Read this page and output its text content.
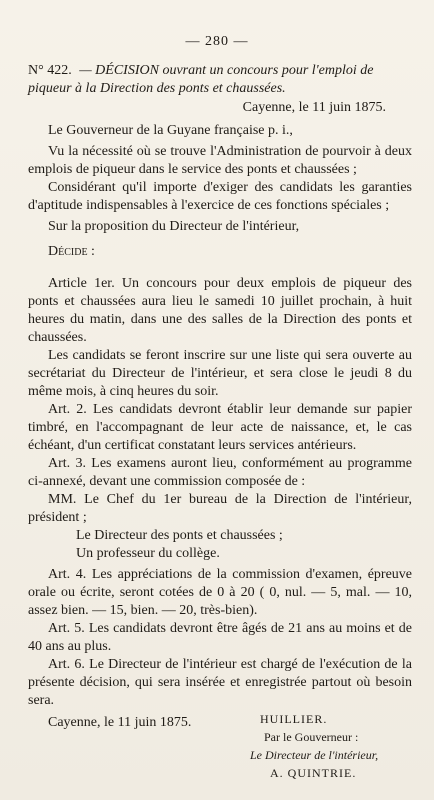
— 280 —
N° 422. — DÉCISION ouvrant un concours pour l'emploi de piqueur à la Direction des ponts et chaussées.
Cayenne, le 11 juin 1875.

Le Gouverneur de la Guyane française p. i.,

Vu la nécessité où se trouve l'Administration de pourvoir à deux emplois de piqueur dans le service des ponts et chaussées ;

Considérant qu'il importe d'exiger des candidats les garanties d'aptitude indispensables à l'exercice de ces fonctions spéciales ;

Sur la proposition du Directeur de l'intérieur,

Décide :

Article 1er. Un concours pour deux emplois de piqueur des ponts et chaussées aura lieu le samedi 10 juillet prochain, à huit heures du matin, dans une des salles de la Direction des ponts et chaussées.

Les candidats se feront inscrire sur une liste qui sera ouverte au secrétariat du Directeur de l'intérieur, et sera close le jeudi 8 du même mois, à cinq heures du soir.

Art. 2. Les candidats devront établir leur demande sur papier timbré, en l'accompagnant de leur acte de naissance, et, le cas échéant, d'un certificat constatant leurs services antérieurs.

Art. 3. Les examens auront lieu, conformément au programme ci-annexé, devant une commission composée de :

MM. Le Chef du 1er bureau de la Direction de l'intérieur, président ;

Le Directeur des ponts et chaussées ;

Un professeur du collège.

Art. 4. Les appréciations de la commission d'examen, épreuve orale ou écrite, seront cotées de 0 à 20 ( 0, nul. — 5, mal. — 10, assez bien. — 15, bien. — 20, très-bien).

Art. 5. Les candidats devront être âgés de 21 ans au moins et de 40 ans au plus.

Art. 6. Le Directeur de l'intérieur est chargé de l'exécution de la présente décision, qui sera insérée et enregistrée partout où besoin sera.

Cayenne, le 11 juin 1875.	HUILLIER.
Par le Gouverneur :
Le Directeur de l'intérieur,
A. QUINTRIE.
